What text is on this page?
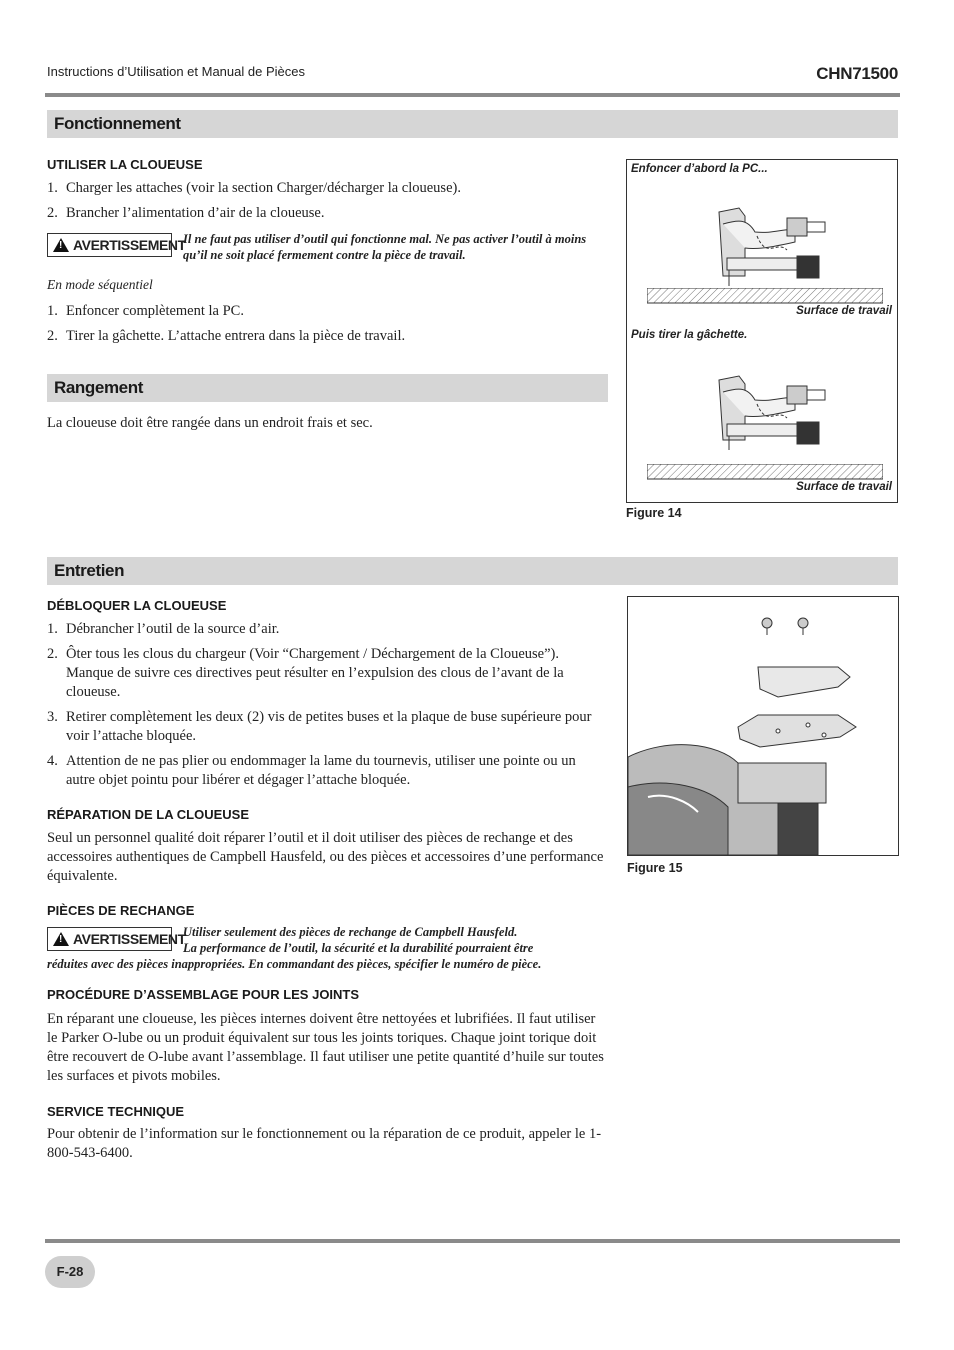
Instructions d’Utilisation et Manual de Pièces	CHN71500
Fonctionnement
UTILISER LA CLOUEUSE
1. Charger les attaches (voir la section Charger/décharger la cloueuse).
2. Brancher l’alimentation d’air de la cloueuse.
! AVERTISSEMENT
Il ne faut pas utiliser d’outil qui fonctionne mal. Ne pas activer l’outil à moins qu’il ne soit placé fermement contre la pièce de travail.
En mode séquentiel
1. Enfoncer complètement la PC.
2. Tirer la gâchette. L’attache entrera dans la pièce de travail.
Rangement
La cloueuse doit être rangée dans un endroit frais et sec.
Enfoncer d’abord la PC...
Surface de travail
Puis tirer la gâchette.
Surface de travail
Figure 14
Entretien
DÉBLOQUER LA CLOUEUSE
1. Débrancher l’outil de la source d’air.
2. Ôter tous les clous du chargeur (Voir “Chargement / Déchargement de la Cloueuse”). Manque de suivre ces directives peut résulter en l’expulsion des clous de l’avant de la cloueuse.
3. Retirer complètement les deux (2) vis de petites buses et la plaque de buse supérieure pour voir l’attache bloquée.
4. Attention de ne pas plier ou endommager la lame du tournevis, utiliser une pointe ou un autre objet pointu pour libérer et dégager l’attache bloquée.
RÉPARATION DE LA CLOUEUSE
Seul un personnel qualité doit réparer l’outil et il doit utiliser des pièces de rechange et des accessoires authentiques de Campbell Hausfeld, ou des pièces et accessoires d’une performance équivalente.
PIÈCES DE RECHANGE
! AVERTISSEMENT
Utiliser seulement des pièces de rechange de Campbell Hausfeld.
La performance de l’outil, la sécurité et la durabilité pourraient être
réduites avec des pièces inappropriées. En commandant des pièces, spécifier le numéro de pièce.
PROCÉDURE D’ASSEMBLAGE POUR LES JOINTS
En réparant une cloueuse, les pièces internes doivent être nettoyées et lubrifiées. Il faut utiliser le Parker O-lube ou un produit équivalent sur tous les joints toriques. Chaque joint torique doit être recouvert de O-lube avant l’assemblage. Il faut utiliser une petite quantité d’huile sur toutes les surfaces et pivots mobiles.
SERVICE TECHNIQUE
Pour obtenir de l’information sur le fonctionnement ou la réparation de ce produit, appeler le 1-800-543-6400.
Figure 15
F-28
